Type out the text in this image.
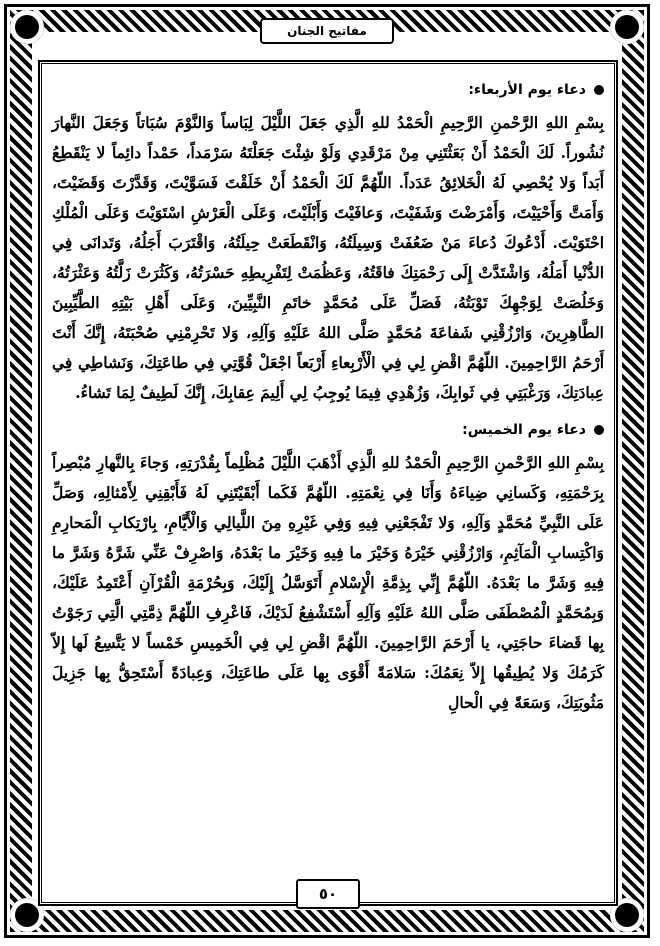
مفاتيح الجنان
دعاء يوم الأربعاء:

بِسْمِ اللهِ الرَّحْمنِ الرَّحِيمِ الْحَمْدُ للهِ الَّذِي جَعَلَ اللَّيْلَ لِبَاساً وَالنَّوْمَ سُبَاتاً وَجَعَلَ النَّهارَ نُشُوراً. لَكَ الْحَمْدُ أَنْ بَعَثْتَنِي مِنْ مَرْقَدِي وَلَوْ شِئْتَ جَعَلْتَهُ سَرْمَداً، حَمْداً دائِماً لا يَنْقَطِعُ أَبَداً وَلا يُحْصِي لَهُ الْخَلائِقُ عَدَداً. اللّهُمَّ لَكَ الْحَمْدُ أَنْ خَلَقْتَ فَسَوَّيْتَ، وَقَدَّرْتَ وَقَضَيْتَ، وَأَمَتَّ وَأَحْيَيْتَ، وَأَمْرَضْتَ وَشَفَيْتَ، وَعافَيْتَ وَأَبْلَيْتَ، وَعَلَى الْعَرْشِ اسْتَوَيْتَ وَعَلَى الْمُلْكِ احْتَوَيْتَ. أَدْعُوكَ دُعاءَ مَنْ ضَعُفَتْ وَسِيلَتُهُ، وَانْقَطَعَتْ حِيلَتُهُ، وَاقْتَرَبَ أَجَلُهُ، وَتَدانَى فِي الدُّنْيا أَمَلُهُ، وَاشْتَدَّتْ إِلَى رَحْمَتِكَ فاقَتُهُ، وَعَظُمَتْ لِتَفْرِيطِهِ حَسْرَتُهُ، وَكَثُرَتْ زَلَّتُهُ وَعَثْرَتُهُ، وَخَلُصَتْ لِوَجْهِكَ تَوْبَتُهُ، فَصَلِّ عَلَى مُحَمَّدٍ خاتَمِ النَّبِيِّينَ، وَعَلَى أَهْلِ بَيْتِهِ الطَّيِّبِينَ الطَّاهِرِينَ، وَارْزُقْنِي شَفاعَةَ مُحَمَّدٍ صَلَّى اللهُ عَلَيْهِ وَآلِهِ، وَلا تَحْرِمْنِي صُحْبَتَهُ، إِنَّكَ أَنْتَ أَرْحَمُ الرَّاحِمِينَ. اللّهُمَّ اقْضِ لِي فِي الْأَرْبِعاءِ أَرْبَعاً اجْعَلْ قُوَّتِي فِي طاعَتِكَ، وَنَشاطِي فِي عِبادَتِكَ، وَرَغْبَتِي فِي ثَوابِكَ، وَزُهْدِي فِيمَا يُوجِبُ لِي أَلِيمَ عِقابِكَ، إِنَّكَ لَطِيفٌ لِمَا تَشاءُ.

دعاء يوم الخميس:

بِسْمِ اللهِ الرَّحْمنِ الرَّحِيمِ الْحَمْدُ للهِ الَّذِي أَذْهَبَ اللَّيْلَ مُظْلِماً بِقُدْرَتِهِ، وَجاءَ بِالنَّهارِ مُبْصِراً بِرَحْمَتِهِ، وَكَسانِي ضِياءَهُ وَأَنَا فِي نِعْمَتِهِ. اللّهُمَّ فَكَما أَبْقَيْتَنِي لَهُ فَأَبْقِنِي لِأَمْثالِهِ، وَصَلِّ عَلَى النَّبِيِّ مُحَمَّدٍ وَآلِهِ، وَلا تَفْجَعْنِي فِيهِ وَفِي غَيْرِهِ مِنَ اللَّيالِي وَالْأَيَّامِ، بِارْتِكابِ الْمَحارِمِ وَاكْتِسابِ الْمَآثِمِ، وَارْزُقْنِي خَيْرَهُ وَخَيْرَ ما فِيهِ وَخَيْرَ ما بَعْدَهُ، وَاصْرِفْ عَنِّي شَرَّهُ وَشَرَّ ما فِيهِ وَشَرَّ ما بَعْدَهُ. اللّهُمَّ إِنِّي بِذِمَّةِ الْإِسْلامِ أَتَوَسَّلُ إِلَيْكَ، وَبِحُرْمَةِ الْقُرْآنِ أَعْتَمِدُ عَلَيْكَ، وَبِمُحَمَّدٍ الْمُصْطَفَى صَلَّى اللهُ عَلَيْهِ وَآلِهِ أَسْتَشْفِعُ لَدَيْكَ، فَاعْرِفِ اللّهُمَّ ذِمَّتِي الَّتِي رَجَوْتُ بِها قَضاءَ حاجَتِي، يا أَرْحَمَ الرَّاحِمِينَ. اللّهُمَّ اقْضِ لِي فِي الْخَمِيسِ خَمْساً لا يَتَّسِعُ لَها إِلاّ كَرَمُكَ وَلا يُطِيقُها إِلاّ نِعَمُكَ: سَلامَةً أَقْوَى بِها عَلَى طاعَتِكَ، وَعِبادَةً أَسْتَحِقُّ بِها جَزِيلَ مَثُوبَتِكَ، وَسَعَةً فِي الْحالِ

٥٠
